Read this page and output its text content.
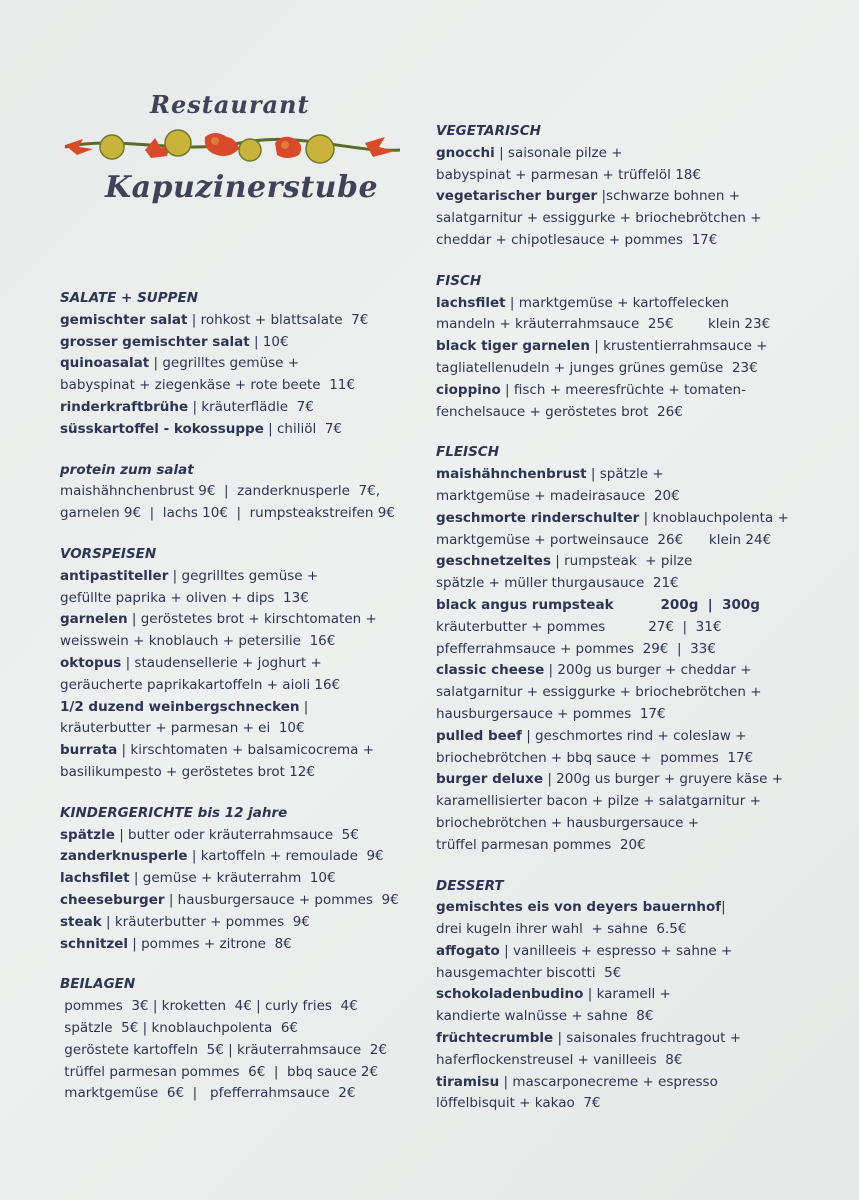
Restaurant
Kapuzinerstube
SALATE + SUPPEN
gemischter salat | rohkost + blattsalate  7€
grosser gemischter salat | 10€
quinoasalat | gegrilltes gemüse +
babyspinat + ziegenkäse + rote beete  11€
rinderkraftbrühe | kräuterflädle  7€
süsskartoffel - kokossuppe | chiliöl  7€
protein zum salat
maishähnchenbrust 9€  |  zanderknusperle  7€,
garnelen 9€  |  lachs 10€  |  rumpsteakstreifen 9€
VORSPEISEN
antipastiteller | gegrilltes gemüse +
gefüllte paprika + oliven + dips  13€
garnelen | geröstetes brot + kirschtomaten +
weisswein + knoblauch + petersilie  16€
oktopus | staudensellerie + joghurt +
geräucherte paprikakartoffeln + aioli 16€
1/2 duzend weinbergschnecken |
kräuterbutter + parmesan + ei  10€
burrata | kirschtomaten + balsamicocrema +
basilikumpesto + geröstetes brot 12€
KINDERGERICHTE bis 12 jahre
spätzle | butter oder kräuterrahmsauce  5€
zanderknusperle | kartoffeln + remoulade  9€
lachsfilet | gemüse + kräuterrahm  10€
cheeseburger | hausburgersauce + pommes  9€
steak | kräuterbutter + pommes  9€
schnitzel | pommes + zitrone  8€
BEILAGEN
pommes  3€ | kroketten  4€ | curly fries  4€
spätzle  5€ | knoblauchpolenta  6€
geröstete kartoffeln  5€ | kräuterrahmsauce  2€
trüffel parmesan pommes  6€  |  bbq sauce 2€
marktgemüse  6€  |   pfefferrahmsauce  2€
VEGETARISCH
gnocchi | saisonale pilze +
babyspinat + parmesan + trüffelöl 18€
vegetarischer burger |schwarze bohnen +
salatgarnitur + essiggurke + briochebrötchen +
cheddar + chipotlesauce + pommes  17€
FISCH
lachsfilet | marktgemüse + kartoffelecken
mandeln + kräuterrahmsauce  25€        klein 23€
black tiger garnelen | krustentierrahmsauce +
tagliatellenudeln + junges grünes gemüse  23€
cioppino | fisch + meeresfrüchte + tomaten-
fenchelsauce + geröstetes brot  26€
FLEISCH
maishähnchenbrust | spätzle +
marktgemüse + madeirasauce  20€
geschmorte rinderschulter | knoblauchpolenta +
marktgemüse + portweinsauce  26€      klein 24€
geschnetzeltes | rumpsteak  + pilze
spätzle + müller thurgausauce  21€
black angus rumpsteak          200g  |  300g
kräuterbutter + pommes          27€  |  31€
pfefferrahmsauce + pommes  29€  |  33€
classic cheese | 200g us burger + cheddar +
salatgarnitur + essiggurke + briochebrötchen +
hausburgersauce + pommes  17€
pulled beef | geschmortes rind + coleslaw +
briochebrötchen + bbq sauce +  pommes  17€
burger deluxe | 200g us burger + gruyere käse +
karamellisierter bacon + pilze + salatgarnitur +
briochebrötchen + hausburgersauce +
trüffel parmesan pommes  20€
DESSERT
gemischtes eis von deyers bauernhof|
drei kugeln ihrer wahl  + sahne  6.5€
affogato | vanilleeis + espresso + sahne +
hausgemachter biscotti  5€
schokoladenbudino | karamell +
kandierte walnüsse + sahne  8€
früchtecrumble | saisonales fruchtragout +
haferflockenstreusel + vanilleeis  8€
tiramisu | mascarponecreme + espresso
löffelbisquit + kakao  7€
